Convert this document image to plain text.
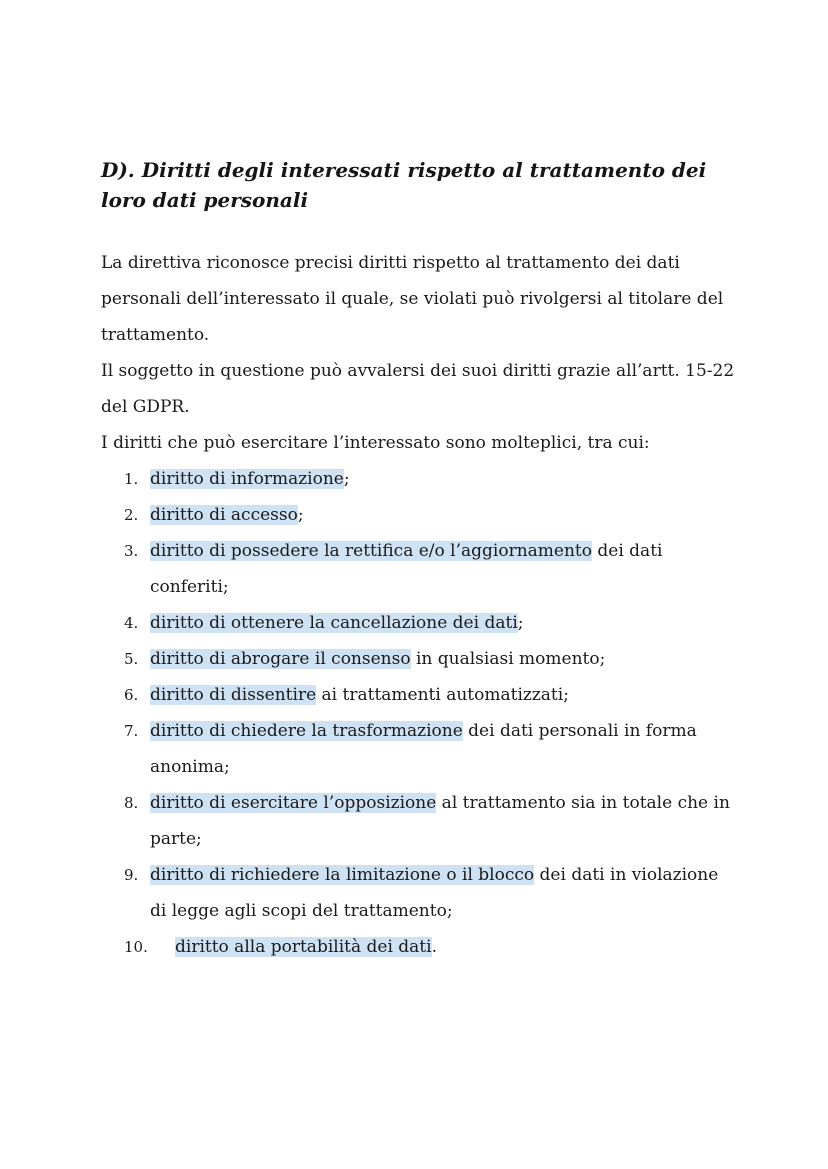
D). Diritti degli interessati rispetto al trattamento dei loro dati personali

La direttiva riconosce precisi diritti rispetto al trattamento dei dati personali dell’interessato il quale, se violati può rivolgersi al titolare del trattamento.

Il soggetto in questione può avvalersi dei suoi diritti grazie all’artt. 15-22 del GDPR.

I diritti che può esercitare l’interessato sono molteplici, tra cui:

1. diritto di informazione;
2. diritto di accesso;
3. diritto di possedere la rettifica e/o l’aggiornamento dei dati conferiti;
4. diritto di ottenere la cancellazione dei dati;
5. diritto di abrogare il consenso in qualsiasi momento;
6. diritto di dissentire ai trattamenti automatizzati;
7. diritto di chiedere la trasformazione dei dati personali in forma anonima;
8. diritto di esercitare l’opposizione al trattamento sia in totale che in parte;
9. diritto di richiedere la limitazione o il blocco dei dati in violazione di legge agli scopi del trattamento;
10. diritto alla portabilità dei dati.
